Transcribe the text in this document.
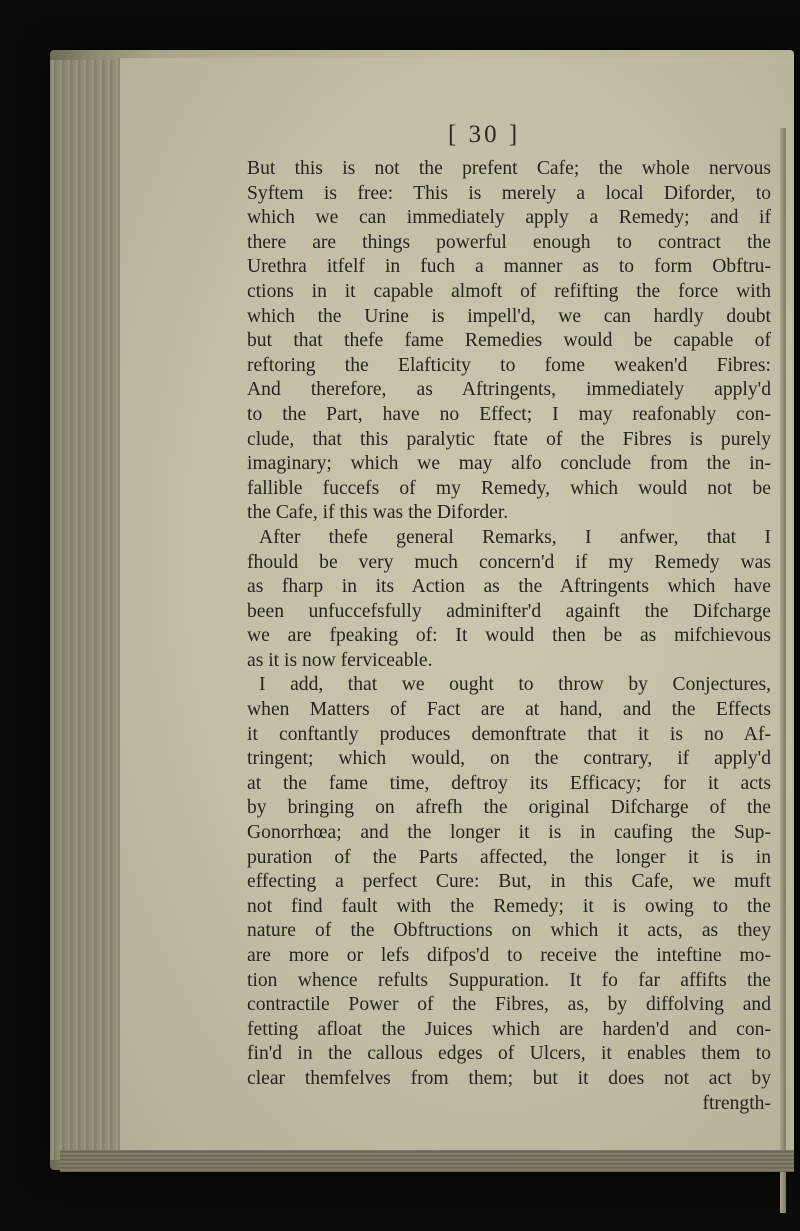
[ 30 ]
But this is not the prefent Cafe; the whole nervous
Syftem is free: This is merely a local Diforder, to
which we can immediately apply a Remedy; and if
there are things powerful enough to contract the
Urethra itfelf in fuch a manner as to form Obftru-
ctions in it capable almoft of refifting the force with
which the Urine is impell'd, we can hardly doubt
but that thefe fame Remedies would be capable of
reftoring the Elafticity to fome weaken'd Fibres:
And therefore, as Aftringents, immediately apply'd
to the Part, have no Effect; I may reafonably con-
clude, that this paralytic ftate of the Fibres is purely
imaginary; which we may alfo conclude from the in-
fallible fuccefs of my Remedy, which would not be
the Cafe, if this was the Diforder.
After thefe general Remarks, I anfwer, that I
fhould be very much concern'd if my Remedy was
as fharp in its Action as the Aftringents which have
been unfuccefsfully adminifter'd againft the Difcharge
we are fpeaking of: It would then be as mifchievous
as it is now ferviceable.
I add, that we ought to throw by Conjectures,
when Matters of Fact are at hand, and the Effects
it conftantly produces demonftrate that it is no Af-
tringent; which would, on the contrary, if apply'd
at the fame time, deftroy its Efficacy; for it acts
by bringing on afrefh the original Difcharge of the
Gonorrhœa; and the longer it is in caufing the Sup-
puration of the Parts affected, the longer it is in
effecting a perfect Cure: But, in this Cafe, we muft
not find fault with the Remedy; it is owing to the
nature of the Obftructions on which it acts, as they
are more or lefs difpos'd to receive the inteftine mo-
tion whence refults Suppuration. It fo far affifts the
contractile Power of the Fibres, as, by diffolving and
fetting afloat the Juices which are harden'd and con-
fin'd in the callous edges of Ulcers, it enables them to
clear themfelves from them; but it does not act by
ftrength-
